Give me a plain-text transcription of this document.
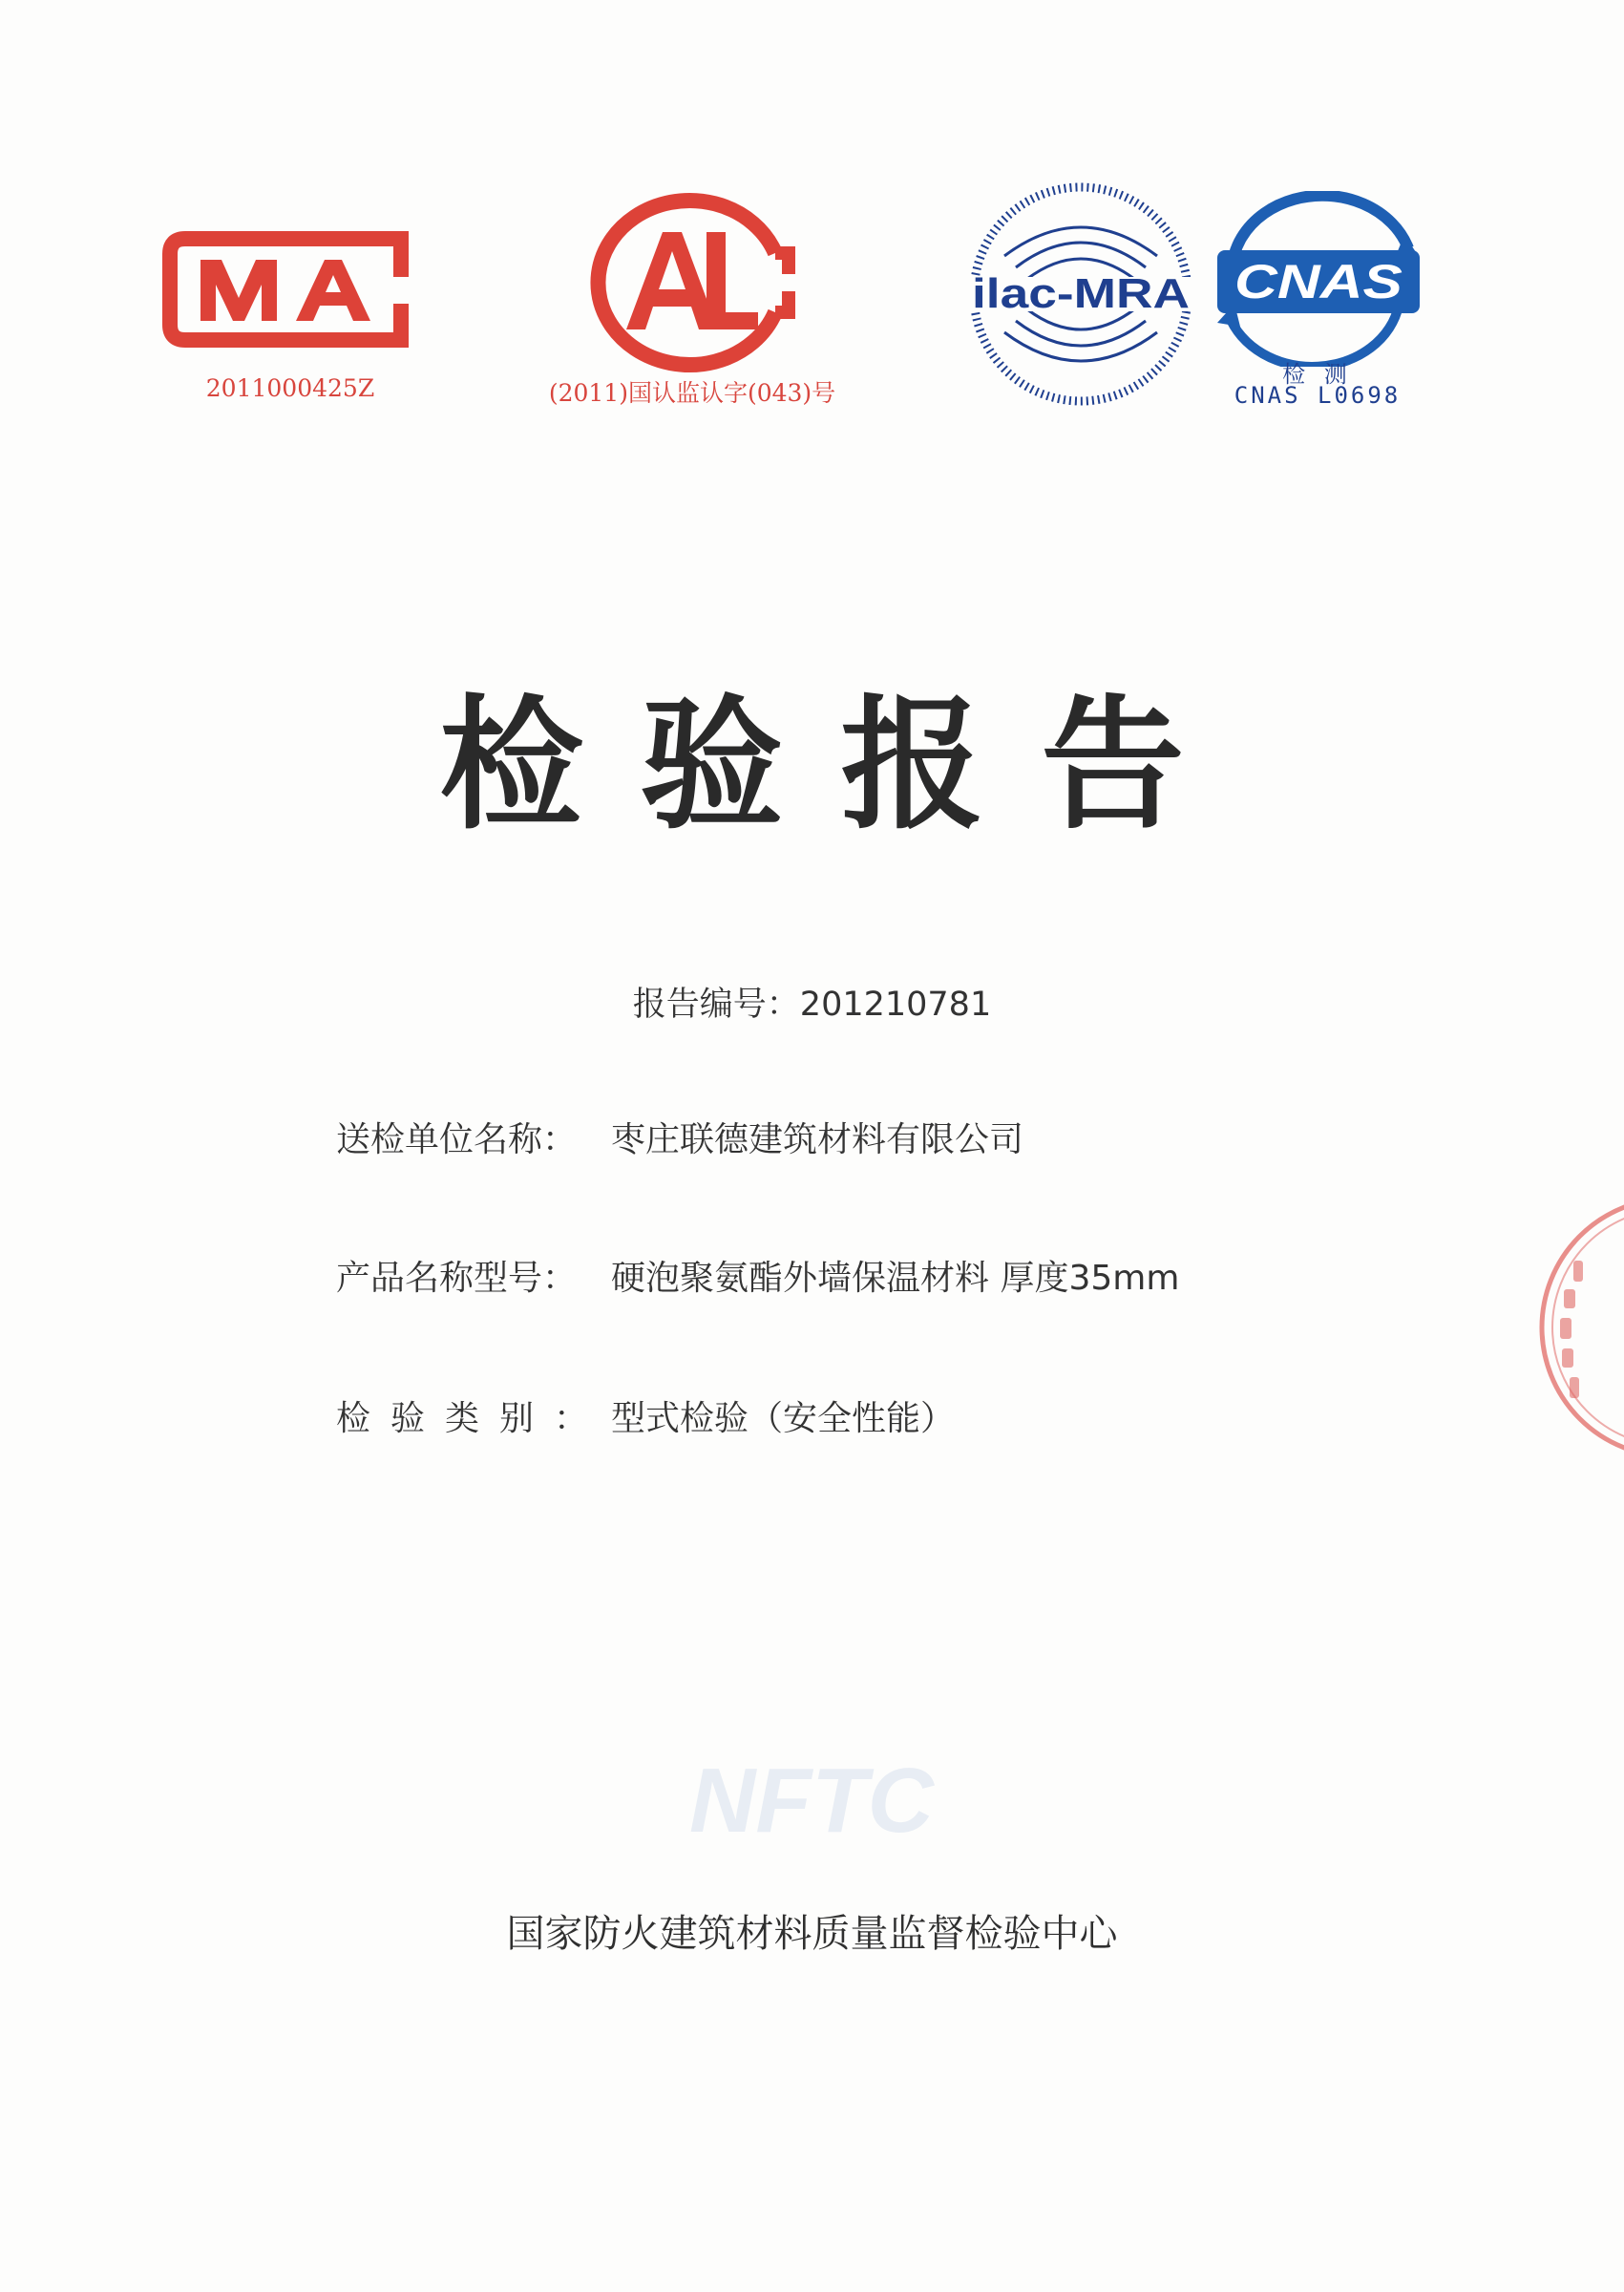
2011000425Z	(2011)国认监认字(043)号
ilac-MRA CNAS
检 测
CNAS L0698
检验报告
报告编号：201210781
送检单位名称： 枣庄联德建筑材料有限公司
产品名称型号： 硬泡聚氨酯外墙保温材料 厚度35mm
检验类别： 型式检验（安全性能）
NFTC
国家防火建筑材料质量监督检验中心
